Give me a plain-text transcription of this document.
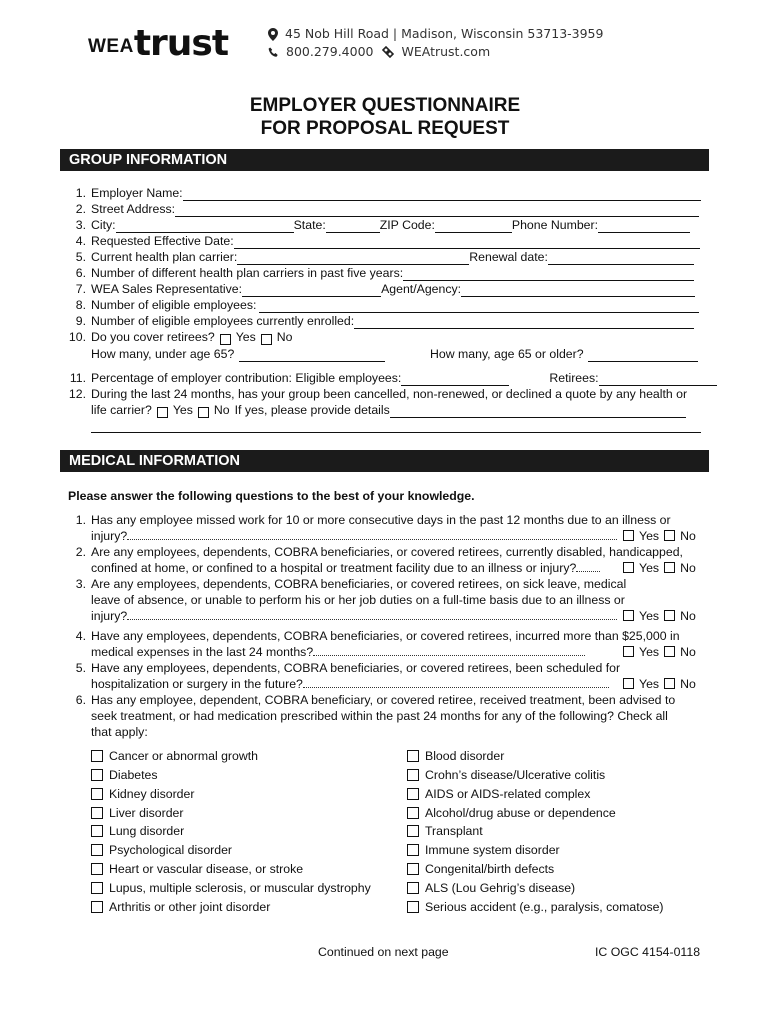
WEA trust	45 Nob Hill Road | Madison, Wisconsin 53713-3959
800.279.4000 WEAtrust.com
EMPLOYER QUESTIONNAIRE
FOR PROPOSAL REQUEST
GROUP INFORMATION
1. Employer Name:
2. Street Address:
3. City:	State:	ZIP Code:	Phone Number:
4. Requested Effective Date:
5. Current health plan carrier:	Renewal date:
6. Number of different health plan carriers in past five years:
7. WEA Sales Representative:	Agent/Agency:
8. Number of eligible employees:
9. Number of eligible employees currently enrolled:
10. Do you cover retirees? Yes No
How many, under age 65?	How many, age 65 or older?
11. Percentage of employer contribution: Eligible employees:	Retirees:
12. During the last 24 months, has your group been cancelled, non-renewed, or declined a quote by any health or
life carrier? Yes No If yes, please provide details
MEDICAL INFORMATION
Please answer the following questions to the best of your knowledge.
1. Has any employee missed work for 10 or more consecutive days in the past 12 months due to an illness or
injury?	Yes No
2. Are any employees, dependents, COBRA beneficiaries, or covered retirees, currently disabled, handicapped,
confined at home, or confined to a hospital or treatment facility due to an illness or injury?	Yes No
3. Are any employees, dependents, COBRA beneficiaries, or covered retirees, on sick leave, medical
leave of absence, or unable to perform his or her job duties on a full-time basis due to an illness or
injury?	Yes No
4. Have any employees, dependents, COBRA beneficiaries, or covered retirees, incurred more than $25,000 in
medical expenses in the last 24 months?	Yes No
5. Have any employees, dependents, COBRA beneficiaries, or covered retirees, been scheduled for
hospitalization or surgery in the future?	Yes No
6. Has any employee, dependent, COBRA beneficiary, or covered retiree, received treatment, been advised to
seek treatment, or had medication prescribed within the past 24 months for any of the following? Check all
that apply:
Cancer or abnormal growth
Diabetes
Kidney disorder
Liver disorder
Lung disorder
Psychological disorder
Heart or vascular disease, or stroke
Lupus, multiple sclerosis, or muscular dystrophy
Arthritis or other joint disorder
Blood disorder
Crohn’s disease/Ulcerative colitis
AIDS or AIDS-related complex
Alcohol/drug abuse or dependence
Transplant
Immune system disorder
Congenital/birth defects
ALS (Lou Gehrig’s disease)
Serious accident (e.g., paralysis, comatose)
Continued on next page	IC OGC 4154-0118
